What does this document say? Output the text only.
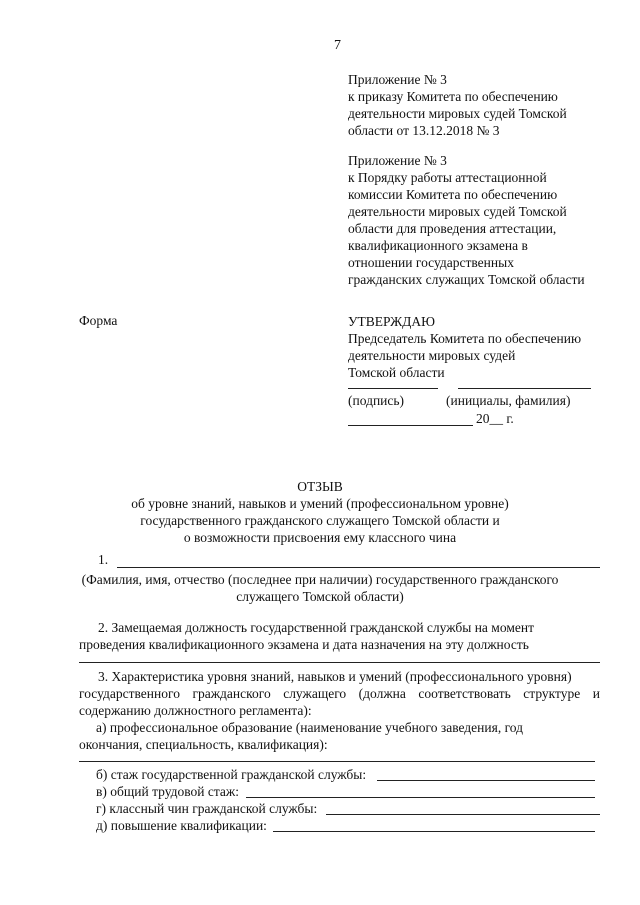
7
Приложение № 3
к приказу Комитета по обеспечению
деятельности мировых судей Томской
области от 13.12.2018 № 3
Приложение № 3
к Порядку работы аттестационной
комиссии Комитета по обеспечению
деятельности мировых судей Томской
области для проведения аттестации,
квалификационного экзамена в
отношении государственных
гражданских служащих Томской области
Форма	УТВЕРЖДАЮ
Председатель Комитета по обеспечению
деятельности мировых судей
Томской области
(подпись)	(инициалы, фамилия)
20__ г.
ОТЗЫВ
об уровне знаний, навыков и умений (профессиональном уровне)
государственного гражданского служащего Томской области и
о возможности присвоения ему классного чина
1.
(Фамилия, имя, отчество (последнее при наличии) государственного гражданского
служащего Томской области)
2. Замещаемая должность государственной гражданской службы на момент
проведения квалификационного экзамена и дата назначения на эту должность
3. Характеристика уровня знаний, навыков и умений (профессионального уровня)
государственного гражданского служащего (должна соответствовать структуре и
содержанию должностного регламента):
а) профессиональное образование (наименование учебного заведения, год
окончания, специальность, квалификация):
б) стаж государственной гражданской службы:
в) общий трудовой стаж:
г) классный чин гражданской службы:
д) повышение квалификации:
